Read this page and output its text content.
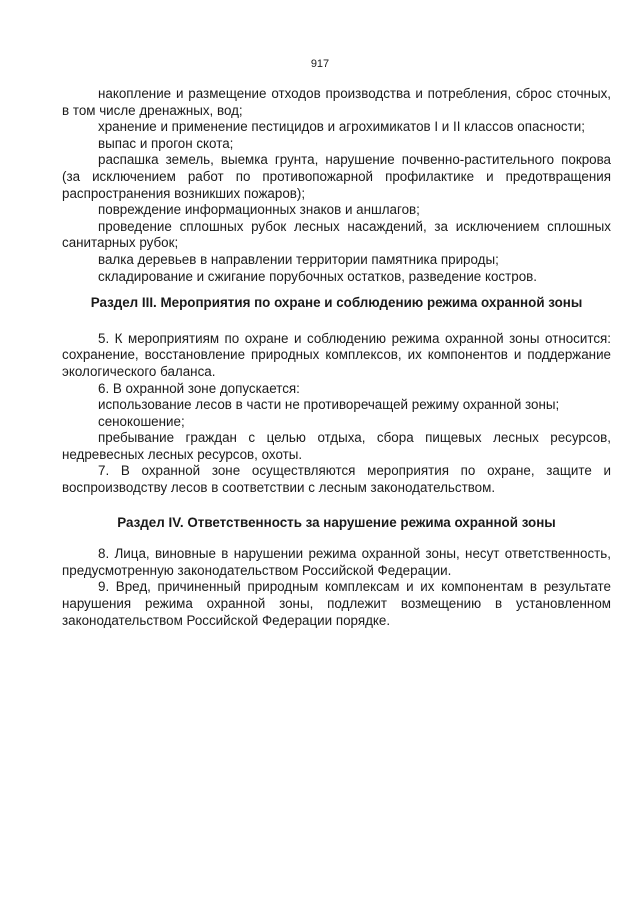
917

накопление и размещение отходов производства и потребления, сброс сточных, в том числе дренажных, вод;

хранение и применение пестицидов и агрохимикатов I и II классов опасности;

выпас и прогон скота;

распашка земель, выемка грунта, нарушение почвенно-растительного покрова (за исключением работ по противопожарной профилактике и предотвращения распространения возникших пожаров);

повреждение информационных знаков и аншлагов;

проведение сплошных рубок лесных насаждений, за исключением сплошных санитарных рубок;

валка деревьев в направлении территории памятника природы;

складирование и сжигание порубочных остатков, разведение костров.

Раздел III. Мероприятия по охране и соблюдению режима охранной зоны

5. К мероприятиям по охране и соблюдению режима охранной зоны относится: сохранение, восстановление природных комплексов, их компонентов и поддержание экологического баланса.

6. В охранной зоне допускается:

использование лесов в части не противоречащей режиму охранной зоны;

сенокошение;

пребывание граждан с целью отдыха, сбора пищевых лесных ресурсов, недревесных лесных ресурсов, охоты.

7. В охранной зоне осуществляются мероприятия по охране, защите и воспроизводству лесов в соответствии с лесным законодательством.

Раздел IV. Ответственность за нарушение режима охранной зоны

8. Лица, виновные в нарушении режима охранной зоны, несут ответственность, предусмотренную законодательством Российской Федерации.

9. Вред, причиненный природным комплексам и их компонентам в результате нарушения режима охранной зоны, подлежит возмещению в установленном законодательством Российской Федерации порядке.
